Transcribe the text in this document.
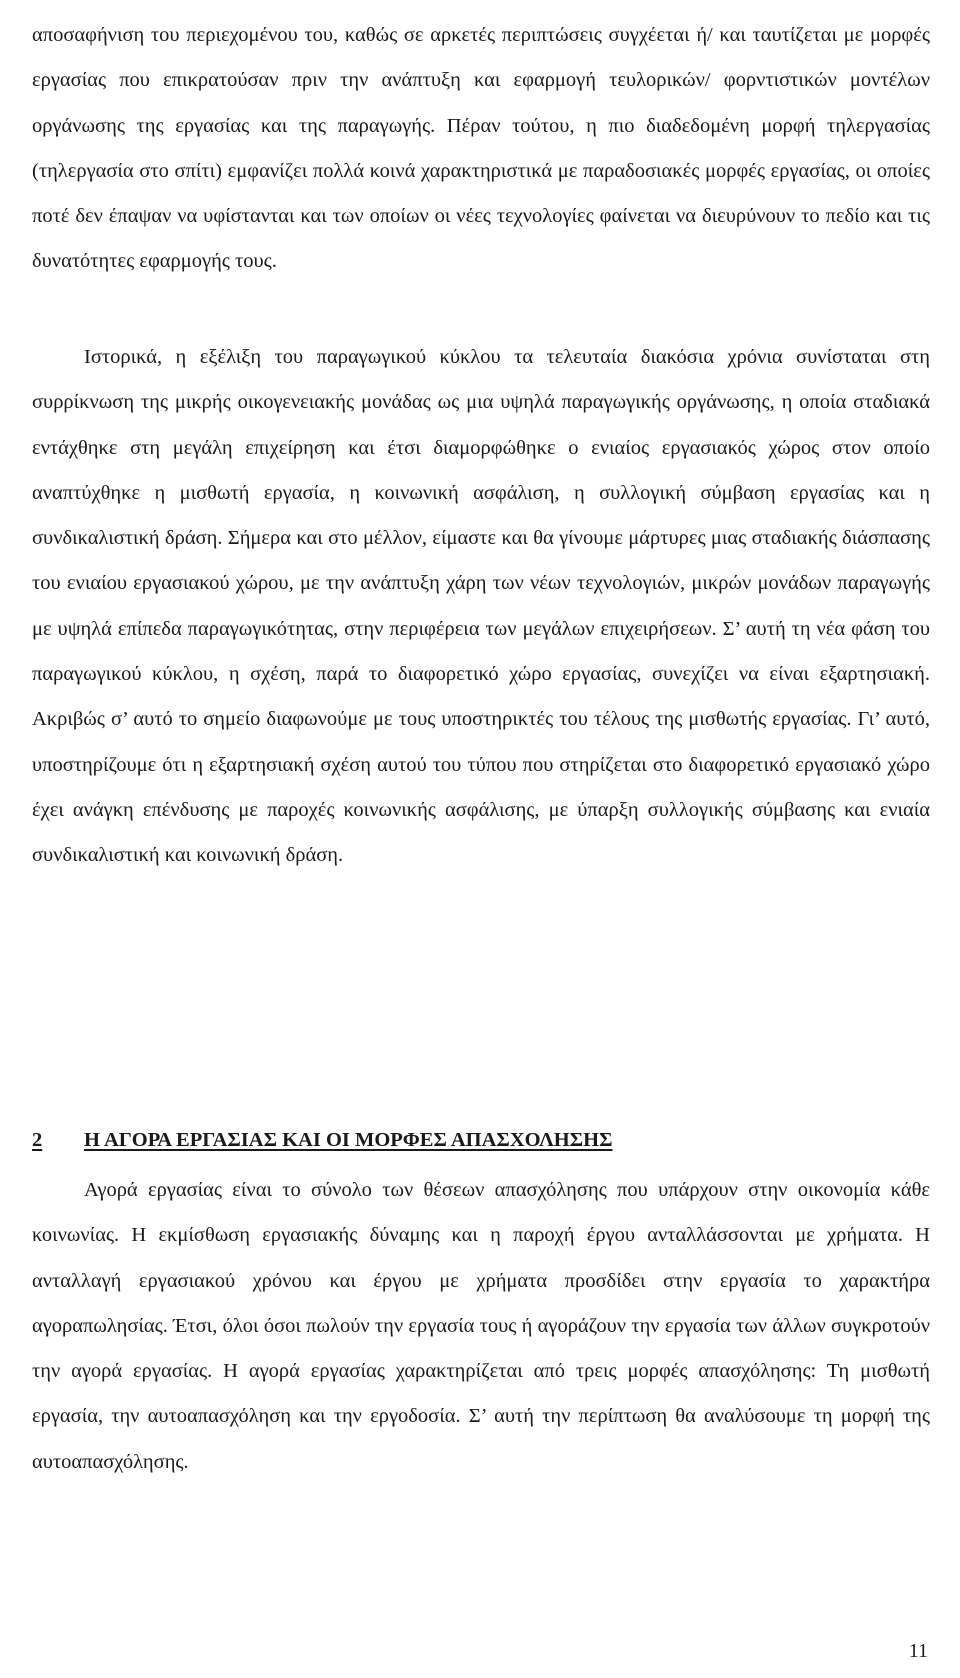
αποσαφήνιση του περιεχομένου του, καθώς σε αρκετές περιπτώσεις συγχέεται ή/ και ταυτίζεται με μορφές εργασίας που επικρατούσαν πριν την ανάπτυξη και εφαρμογή τευλορικών/ φορντιστικών μοντέλων οργάνωσης της εργασίας και της παραγωγής. Πέραν τούτου, η πιο διαδεδομένη μορφή τηλεργασίας (τηλεργασία στο σπίτι) εμφανίζει πολλά κοινά χαρακτηριστικά με παραδοσιακές μορφές εργασίας, οι οποίες ποτέ δεν έπαψαν να υφίστανται και των οποίων οι νέες τεχνολογίες φαίνεται να διευρύνουν το πεδίο και τις δυνατότητες εφαρμογής τους.

Ιστορικά, η εξέλιξη του παραγωγικού κύκλου τα τελευταία διακόσια χρόνια συνίσταται στη συρρίκνωση της μικρής οικογενειακής μονάδας ως μια υψηλά παραγωγικής οργάνωσης, η οποία σταδιακά εντάχθηκε στη μεγάλη επιχείρηση και έτσι διαμορφώθηκε ο ενιαίος εργασιακός χώρος στον οποίο αναπτύχθηκε η μισθωτή εργασία, η κοινωνική ασφάλιση, η συλλογική σύμβαση εργασίας και η συνδικαλιστική δράση. Σήμερα και στο μέλλον, είμαστε και θα γίνουμε μάρτυρες μιας σταδιακής διάσπασης του ενιαίου εργασιακού χώρου, με την ανάπτυξη χάρη των νέων τεχνολογιών, μικρών μονάδων παραγωγής με υψηλά επίπεδα παραγωγικότητας, στην περιφέρεια των μεγάλων επιχειρήσεων. Σ’ αυτή τη νέα φάση του παραγωγικού κύκλου, η σχέση, παρά το διαφορετικό χώρο εργασίας, συνεχίζει να είναι εξαρτησιακή. Ακριβώς σ’ αυτό το σημείο διαφωνούμε με τους υποστηρικτές του τέλους της μισθωτής εργασίας. Γι’ αυτό, υποστηρίζουμε ότι η εξαρτησιακή σχέση αυτού του τύπου που στηρίζεται στο διαφορετικό εργασιακό χώρο έχει ανάγκη επένδυσης με παροχές κοινωνικής ασφάλισης, με ύπαρξη συλλογικής σύμβασης και ενιαία συνδικαλιστική και κοινωνική δράση.

2 Η ΑΓΟΡΑ ΕΡΓΑΣΙΑΣ ΚΑΙ ΟΙ ΜΟΡΦΕΣ ΑΠΑΣΧΟΛΗΣΗΣ

Αγορά εργασίας είναι το σύνολο των θέσεων απασχόλησης που υπάρχουν στην οικονομία κάθε κοινωνίας. Η εκμίσθωση εργασιακής δύναμης και η παροχή έργου ανταλλάσσονται με χρήματα. Η ανταλλαγή εργασιακού χρόνου και έργου με χρήματα προσδίδει στην εργασία το χαρακτήρα αγοραπωλησίας. Έτσι, όλοι όσοι πωλούν την εργασία τους ή αγοράζουν την εργασία των άλλων συγκροτούν την αγορά εργασίας. Η αγορά εργασίας χαρακτηρίζεται από τρεις μορφές απασχόλησης: Τη μισθωτή εργασία, την αυτοαπασχόληση και την εργοδοσία. Σ’ αυτή την περίπτωση θα αναλύσουμε τη μορφή της αυτοαπασχόλησης.

11
